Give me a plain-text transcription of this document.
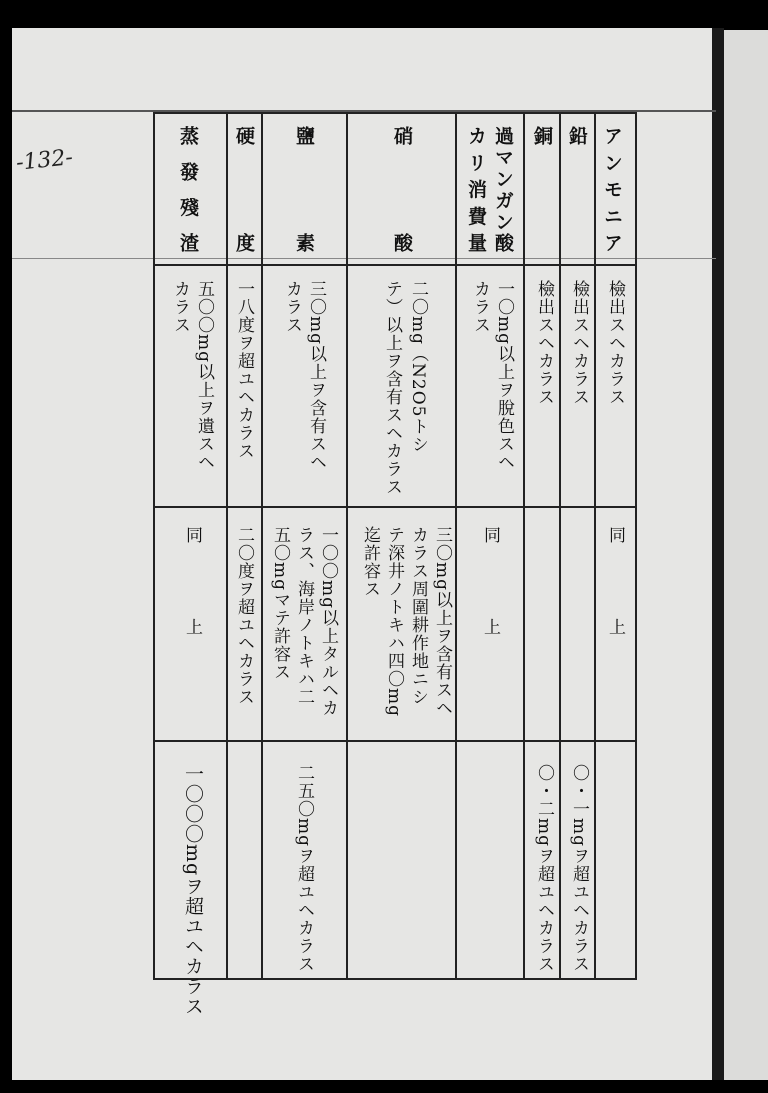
-132-	アンモニア
鉛
銅
過マンガン酸
カリ消費量
硝酸
鹽素
硬度
蒸發殘渣
檢出スヘカラス
檢出スヘカラス
檢出スヘカラス
一〇mg以上ヲ脫色スヘ
カラス
二〇mg（N2O5トシ
テ）以上ヲ含有スヘカラス
三〇mg以上ヲ含有スヘ
カラス
一八度ヲ超ユヘカラス
五〇〇mg以上ヲ遺スヘ
カラス
同　上
同　上
三〇mg以上ヲ含有スヘ
カラス周圍耕作地ニシ
テ深井ノトキハ四〇mg
迄許容ス
一〇〇mg以上タルヘカ
ラス、海岸ノトキハ二
五〇mgマテ許容ス
二〇度ヲ超ユヘカラス
同　上
〇・一mgヲ超ユヘカラス
〇・二mgヲ超ユヘカラス
二五〇mgヲ超ユヘカラス
一〇〇〇mgヲ超ユヘカラス
